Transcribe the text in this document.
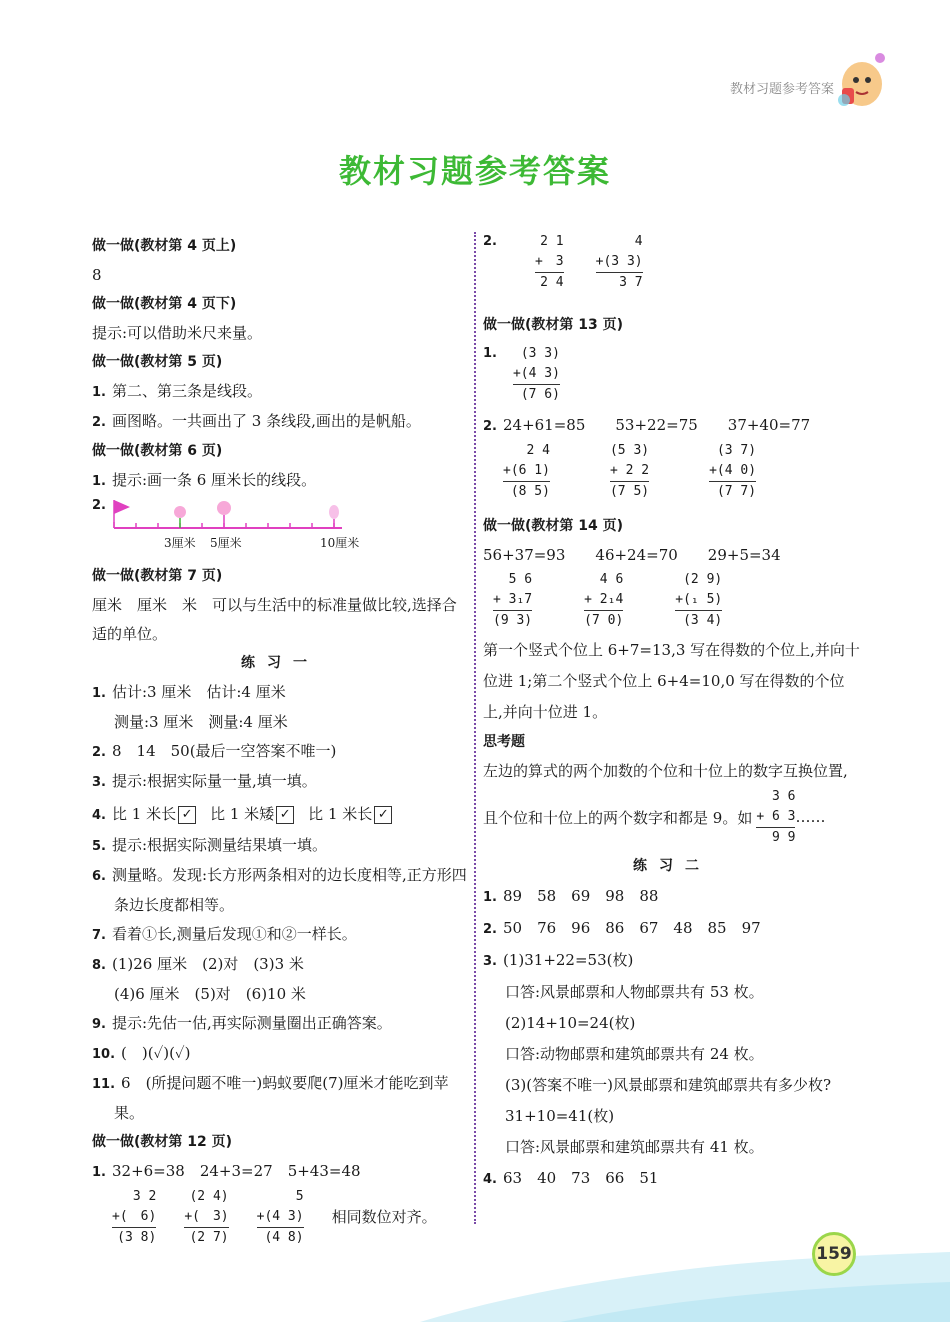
教材习题参考答案
教材习题参考答案
做一做(教材第 4 页上)
8
做一做(教材第 4 页下)
提示:可以借助米尺来量。
做一做(教材第 5 页)
1. 第二、第三条是线段。
2. 画图略。一共画出了 3 条线段,画出的是帆船。
做一做(教材第 6 页)
1. 提示:画一条 6 厘米长的线段。
2.
3厘米 5厘米	10厘米
做一做(教材第 7 页)
厘米　厘米　米　可以与生活中的标准量做比较,选择合适的单位。
练习一
1. 估计:3 厘米　估计:4 厘米
测量:3 厘米　测量:4 厘米
2. 8　14　50(最后一空答案不唯一)
3. 提示:根据实际量一量,填一填。
4. 比 1 米长 ✓ 比 1 米矮 ✓ 比 1 米长 ✓
5. 提示:根据实际测量结果填一填。
6. 测量略。发现:长方形两条相对的边长度相等,正方形四条边长度都相等。
7. 看着①长,测量后发现①和②一样长。
8. (1)26 厘米　(2)对　(3)3 米
(4)6 厘米　(5)对　(6)10 米
9. 提示:先估一估,再实际测量圈出正确答案。
10. (　)(✓)(✓)
11. 6　(所提问题不唯一)蚂蚁要爬(7)厘米才能吃到苹果。
做一做(教材第 12 页)
1. 32+6=38　24+3=27　5+43=48
3 2
+(　6)
(3 8)
(2 4)
+(　3)
(2 7)
5
+(4 3)
(4 8)
相同数位对齐。
2.	2 1
+　3
2 4
4
+(3 3)
3 7
做一做(教材第 13 页)
1.	(3 3)
+(4 3)
(7 6)
2. 24+61=85　　53+22=75　　37+40=77
2 4
+(6 1)
(8 5)
(5 3)
+ 2 2
(7 5)
(3 7)
+(4 0)
(7 7)
做一做(教材第 14 页)
56+37=93　　46+24=70　　29+5=34
5 6
+ 3₁7
(9 3)
4 6
+ 2₁4
(7 0)
(2 9)
+(₁ 5)
(3 4)
第一个竖式个位上 6+7=13,3 写在得数的个位上,并向十位进 1;第二个竖式个位上 6+4=10,0 写在得数的个位上,并向十位进 1。
思考题
左边的算式的两个加数的个位和十位上的数字互换位置,
且个位和十位上的两个数字和都是 9。如
3 6
+ 6 3
9 9
……
练习二
1. 89　58　69　98　88
2. 50　76　96　86　67　48　85　97
3. (1)31+22=53(枚)
口答:风景邮票和人物邮票共有 53 枚。
(2)14+10=24(枚)
口答:动物邮票和建筑邮票共有 24 枚。
(3)(答案不唯一)风景邮票和建筑邮票共有多少枚?
31+10=41(枚)
口答:风景邮票和建筑邮票共有 41 枚。
4. 63　40　73　66　51
159
